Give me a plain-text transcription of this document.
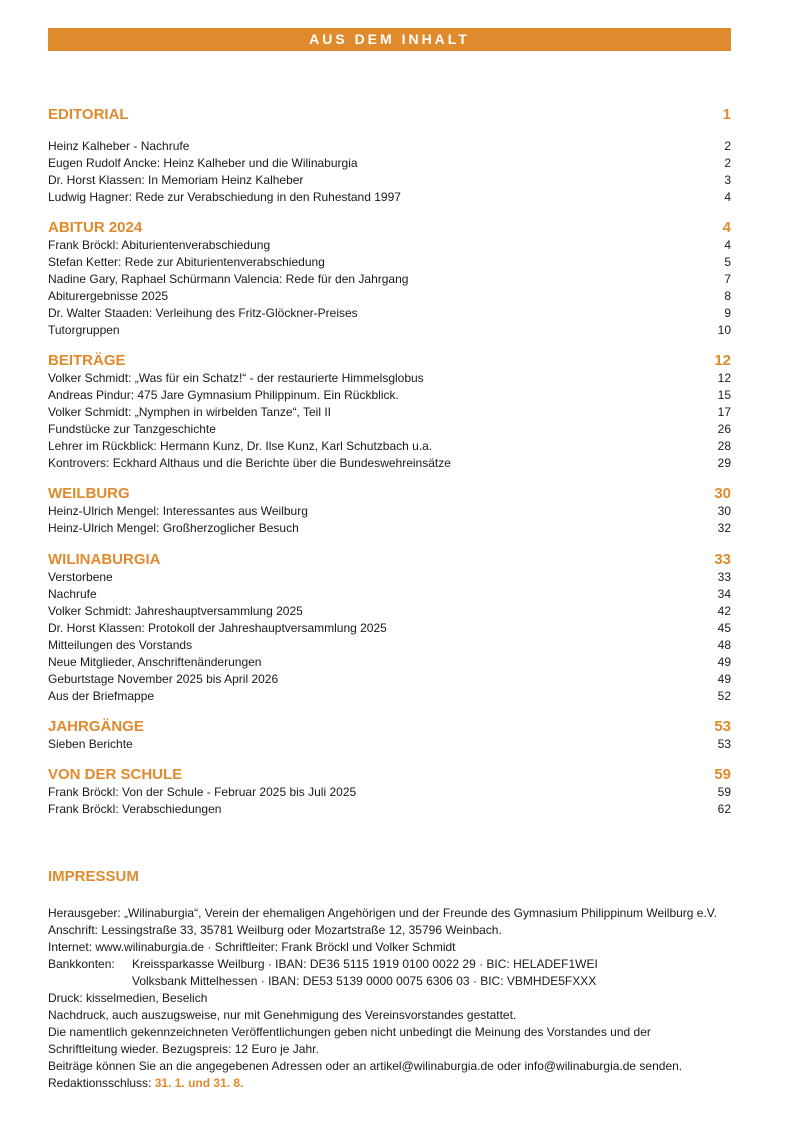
AUS DEM INHALT
EDITORIAL	1
Heinz Kalheber - Nachrufe	2
Eugen Rudolf Ancke: Heinz Kalheber und die Wilinaburgia	2
Dr. Horst Klassen: In Memoriam Heinz Kalheber	3
Ludwig Hagner: Rede zur Verabschiedung in den Ruhestand 1997	4
ABITUR 2024	4
Frank Bröckl: Abiturientenverabschiedung	4
Stefan Ketter: Rede zur Abiturientenverabschiedung	5
Nadine Gary, Raphael Schürmann Valencia: Rede für den Jahrgang	7
Abiturergebnisse 2025	8
Dr. Walter Staaden: Verleihung des Fritz-Glöckner-Preises	9
Tutorgruppen	10
BEITRÄGE	12
Volker Schmidt: „Was für ein Schatz!“ - der restaurierte Himmelsglobus	12
Andreas Pindur: 475 Jare Gymnasium Philippinum. Ein Rückblick.	15
Volker Schmidt: „Nymphen in wirbelden Tanze“, Teil II	17
Fundstücke zur Tanzgeschichte	26
Lehrer im Rückblick: Hermann Kunz, Dr. Ilse Kunz, Karl Schutzbach u.a.	28
Kontrovers: Eckhard Althaus und die Berichte über die Bundeswehreinsätze	29
WEILBURG	30
Heinz-Ulrich Mengel: Interessantes aus Weilburg	30
Heinz-Ulrich Mengel: Großherzoglicher Besuch	32
WILINABURGIA	33
Verstorbene	33
Nachrufe	34
Volker Schmidt: Jahreshauptversammlung 2025	42
Dr. Horst Klassen: Protokoll der Jahreshauptversammlung 2025	45
Mitteilungen des Vorstands	48
Neue Mitglieder, Anschriftenänderungen	49
Geburtstage November 2025 bis April 2026	49
Aus der Briefmappe	52
JAHRGÄNGE	53
Sieben Berichte	53
VON DER SCHULE	59
Frank Bröckl: Von der Schule - Februar 2025 bis Juli 2025	59
Frank Bröckl: Verabschiedungen	62
IMPRESSUM
Herausgeber: „Wilinaburgia“, Verein der ehemaligen Angehörigen und der Freunde des Gymnasium Philippinum Weilburg e.V.
Anschrift: Lessingstraße 33, 35781 Weilburg oder Mozartstraße 12, 35796 Weinbach.
Internet: www.wilinaburgia.de · Schriftleiter: Frank Bröckl und Volker Schmidt
Bankkonten:	Kreissparkasse Weilburg · IBAN: DE36 5115 1919 0100 0022 29 · BIC: HELADEF1WEI
Volksbank Mittelhessen · IBAN: DE53 5139 0000 0075 6306 03 · BIC: VBMHDE5FXXX
Druck: kisselmedien, Beselich
Nachdruck, auch auszugsweise, nur mit Genehmigung des Vereinsvorstandes gestattet.
Die namentlich gekennzeichneten Veröffentlichungen geben nicht unbedingt die Meinung des Vorstandes und der
Schriftleitung wieder. Bezugspreis: 12 Euro je Jahr.
Beiträge können Sie an die angegebenen Adressen oder an artikel@wilinaburgia.de oder info@wilinaburgia.de senden.
Redaktionsschluss: 31. 1. und 31. 8.
